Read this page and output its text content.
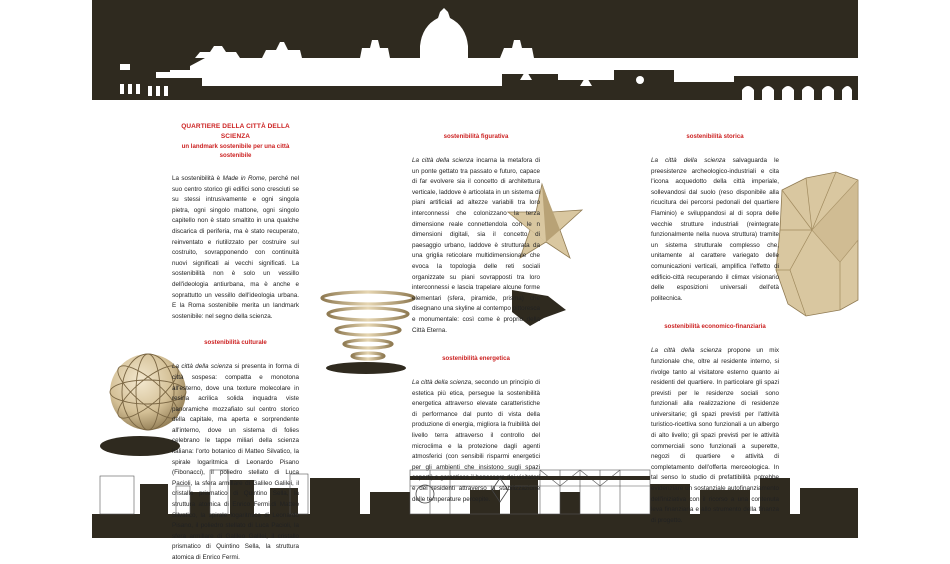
QUARTIERE DELLA CITTÀ DELLA SCIENZA
un landmark sostenibile per una città sostenibile

La sostenibilità è Made in Rome, perché nel suo centro storico gli edifici sono cresciuti se su stessi intrusivamente e ogni singola pietra, ogni singolo mattone, ogni singolo capitello non è stato smaltito in una qualche discarica di periferia, ma è stato recuperato, reinventato e riutilizzato per costruire sul costruito, sovrapponendo con continuità nuovi significati ai vecchi significati. La sostenibilità non è solo un vessillo dell'ideologia antiurbana, ma è anche e soprattutto un vessillo dell'ideologia urbana. E la Roma sostenibile merita un landmark sostenibile: nel segno della scienza.

sostenibilità culturale

La città della scienza si presenta in forma di città sospesa: compatta e monotona all'esterno, dove una texture molecolare in resina acrilica solida inquadra viste panoramiche mozzafiato sul centro storico della capitale, ma aperta e sorprendente all'interno, dove un sistema di folies celebrano le tappe miliari della scienza italiana: l'orto botanico di Matteo Silvatico, la spirale logaritmica di Leonardo Pisano (Fibonacci), il poliedro stellato di Luca Pacioli, la sfera armillare di Galileo Galilei, il cristallo prismatico di Quintino Sella, la struttura atomica di Enrico Fermi.di Matteo Silvatico, la spirale logaritmica di Leonardo Pisano, il poliedro stellato di Luca Pacioli, la sfera armillare di Galileo Galilei, il cristallo prismatico di Quintino Sella, la struttura atomica di Enrico Fermi.

sostenibilità figurativa

La città della scienza incarna la metafora di un ponte gettato tra passato e futuro, capace di far evolvere sia il concetto di architettura verticale, laddove è articolata in un sistema di piani artificiali ad altezze variabili tra loro interconnessi che colonizzano la terza dimensione reale connettendola con le n dimensioni digitali, sia il concetto di paesaggio urbano, laddove è strutturata da una griglia reticolare multidimensionale che evoca la topologia delle reti sociali organizzate su piani sovrapposti tra loro interconnessi e lascia trapelare alcune forme elementari (sfera, piramide, prisma) che disegnano una skyline al contempo pittoresca e monumentale: così come è proprio della Città Eterna.

sostenibilità energetica

La città della scienza, secondo un principio di estetica più etica, persegue la sostenibilità energetica attraverso elevate caratteristiche di performance dal punto di vista della produzione di energia, migliora la fruibilità del livello terra attraverso il controllo del microclima e la protezione dagli agenti atmosferici (con sensibili risparmi energetici per gli ambienti che insistono sugli spazi coperti) e garantisce il benessere dei visitatori e dei residenti attraverso la stabilizzazione delle temperature percepite.

sostenibilità storica

La città della scienza salvaguarda le preesistenze archeologico-industriali e cita l'icona acquedotto della città imperiale, sollevandosi dal suolo (reso disponibile alla ricucitura dei percorsi pedonali del quartiere Flaminio) e sviluppandosi al di sopra delle vecchie strutture industriali (reintegrate funzionalmente nella nuova struttura) tramite un sistema strutturale complesso che, unitamente al carattere variegato delle comunicazioni verticali, amplifica l'effetto di edificio-città recuperando il climax visionario delle esposizioni universali dell'età politecnica.

sostenibilità economico-finanziaria

La città della scienza propone un mix funzionale che, oltre al residente interno, si rivolge tanto al visitatore esterno quanto ai residenti del quartiere. In particolare gli spazi previsti per le residenze sociali sono funzionali alla realizzazione di residenze universitarie; gli spazi previsti per l'attività turistico-ricettiva sono funzionali a un albergo di alto livello; gli spazi previsti per le attività commerciali sono funzionali a superette, negozi di quartiere e attività di completamento dell'offerta merceologica. In tal senso lo studio di prefattibilità potrebbe evidenziare un sostanziale autofinanziamento dell'iniziativa con il ricorso a una contenuta leva finanziaria e allo strumento della finanza di progetto.
